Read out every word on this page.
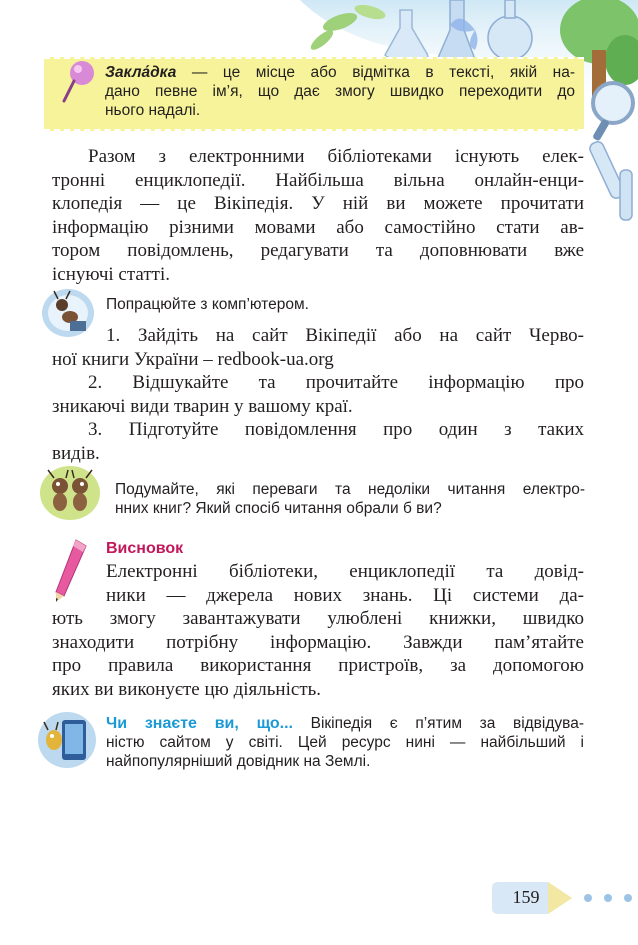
Закла́дка — це місце або відмітка в тексті, якій на-
дано певне ім’я, що дає змогу швидко переходити до
нього надалі.
Разом з електронними бібліотеками існують елек-
тронні енциклопедії. Найбільша вільна онлайн-енци-
клопедія — це Вікіпедія. У ній ви можете прочитати
інформацію різними мовами або самостійно стати ав-
тором повідомлень, редагувати та доповнювати вже
існуючі статті.
Попрацюйте з комп’ютером.
1. Зайдіть на сайт Вікіпедії або на сайт Черво-
ної книги України – redbook-ua.org
2. Відшукайте та прочитайте інформацію про
зникаючі види тварин у вашому краї.
3. Підготуйте повідомлення про один з таких
видів.
Подумайте, які переваги та недоліки читання електро-
нних книг? Який спосіб читання обрали б ви?
Висновок
Електронні бібліотеки, енциклопедії та довід-
ники — джерела нових знань. Ці системи да-
ють змогу завантажувати улюблені книжки, швидко
знаходити потрібну інформацію. Завжди пам’ятайте
про правила використання пристроїв, за допомогою
яких ви виконуєте цю діяльність.
Чи знаєте ви, що... Вікіпедія є п’ятим за відвідува-
ністю сайтом у світі. Цей ресурс нині — найбільший і
найпопулярніший довідник на Землі.
159
